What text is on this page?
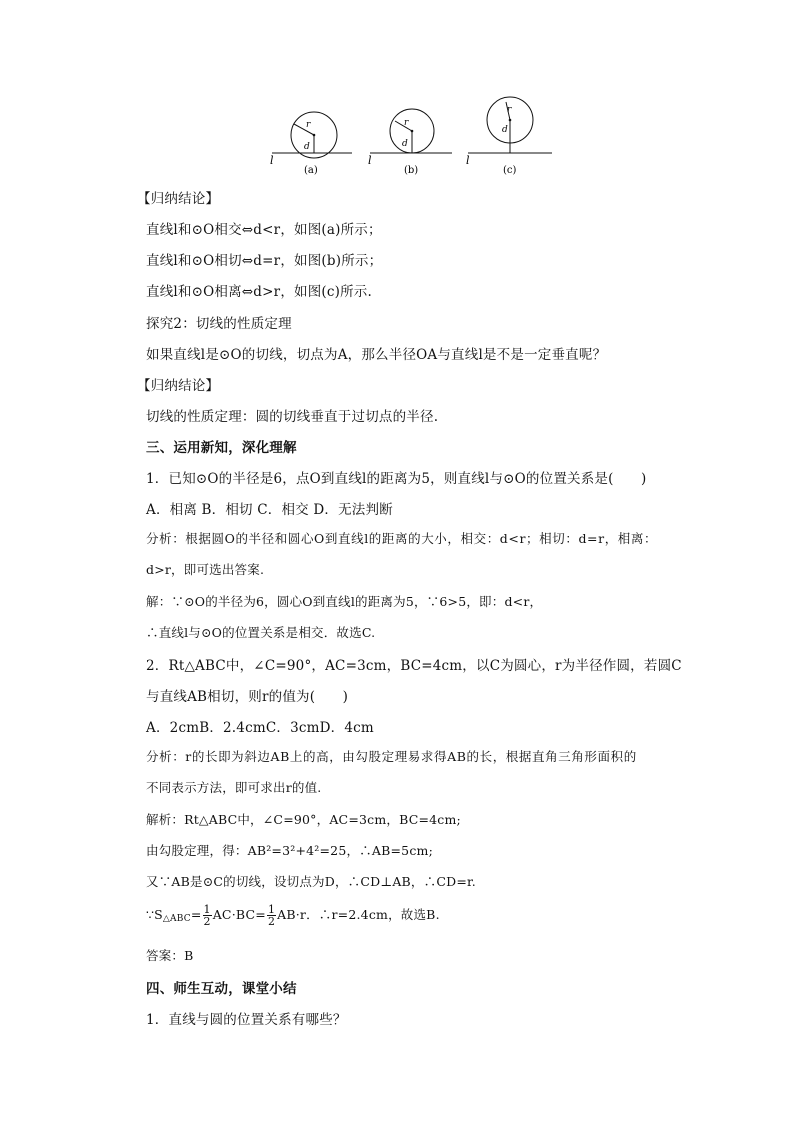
l
r
d
(a)
l
r
d
(b)
l
r
d
(c)
【归纳结论】
直线l和⊙O相交⇔d<r，如图(a)所示；
直线l和⊙O相切⇔d=r，如图(b)所示；
直线l和⊙O相离⇔d>r，如图(c)所示.
探究2：切线的性质定理
如果直线l是⊙O的切线，切点为A，那么半径OA与直线l是不是一定垂直呢？
【归纳结论】
切线的性质定理：圆的切线垂直于过切点的半径.
三、运用新知，深化理解
1．已知⊙O的半径是6，点O到直线l的距离为5，则直线l与⊙O的位置关系是(　　)
A．相离 B．相切 C．相交 D．无法判断
分析：根据圆O的半径和圆心O到直线l的距离的大小，相交：d<r；相切：d=r，相离：
d>r，即可选出答案.
解：∵⊙O的半径为6，圆心O到直线l的距离为5，∵6>5，即：d<r，
∴直线l与⊙O的位置关系是相交．故选C.
2．Rt△ABC中，∠C=90°，AC=3cm，BC=4cm，以C为圆心，r为半径作圆，若圆C
与直线AB相切，则r的值为(　　)
A．2cmB．2.4cmC．3cmD．4cm
分析：r的长即为斜边AB上的高，由勾股定理易求得AB的长，根据直角三角形面积的
不同表示方法，即可求出r的值.
解析：Rt△ABC中，∠C=90°，AC=3cm，BC=4cm;
由勾股定理，得：AB²=3²+4²=25，∴AB=5cm;
又∵AB是⊙C的切线，设切点为D，∴CD⊥AB，∴CD=r.
$\because S_{\triangle ABC}= \frac{1}{2} AC\cdot BC= \frac{1}{2} AB\cdot r$．∴r=2.4cm，故选B.
答案：B
四、师生互动，课堂小结
1．直线与圆的位置关系有哪些？
